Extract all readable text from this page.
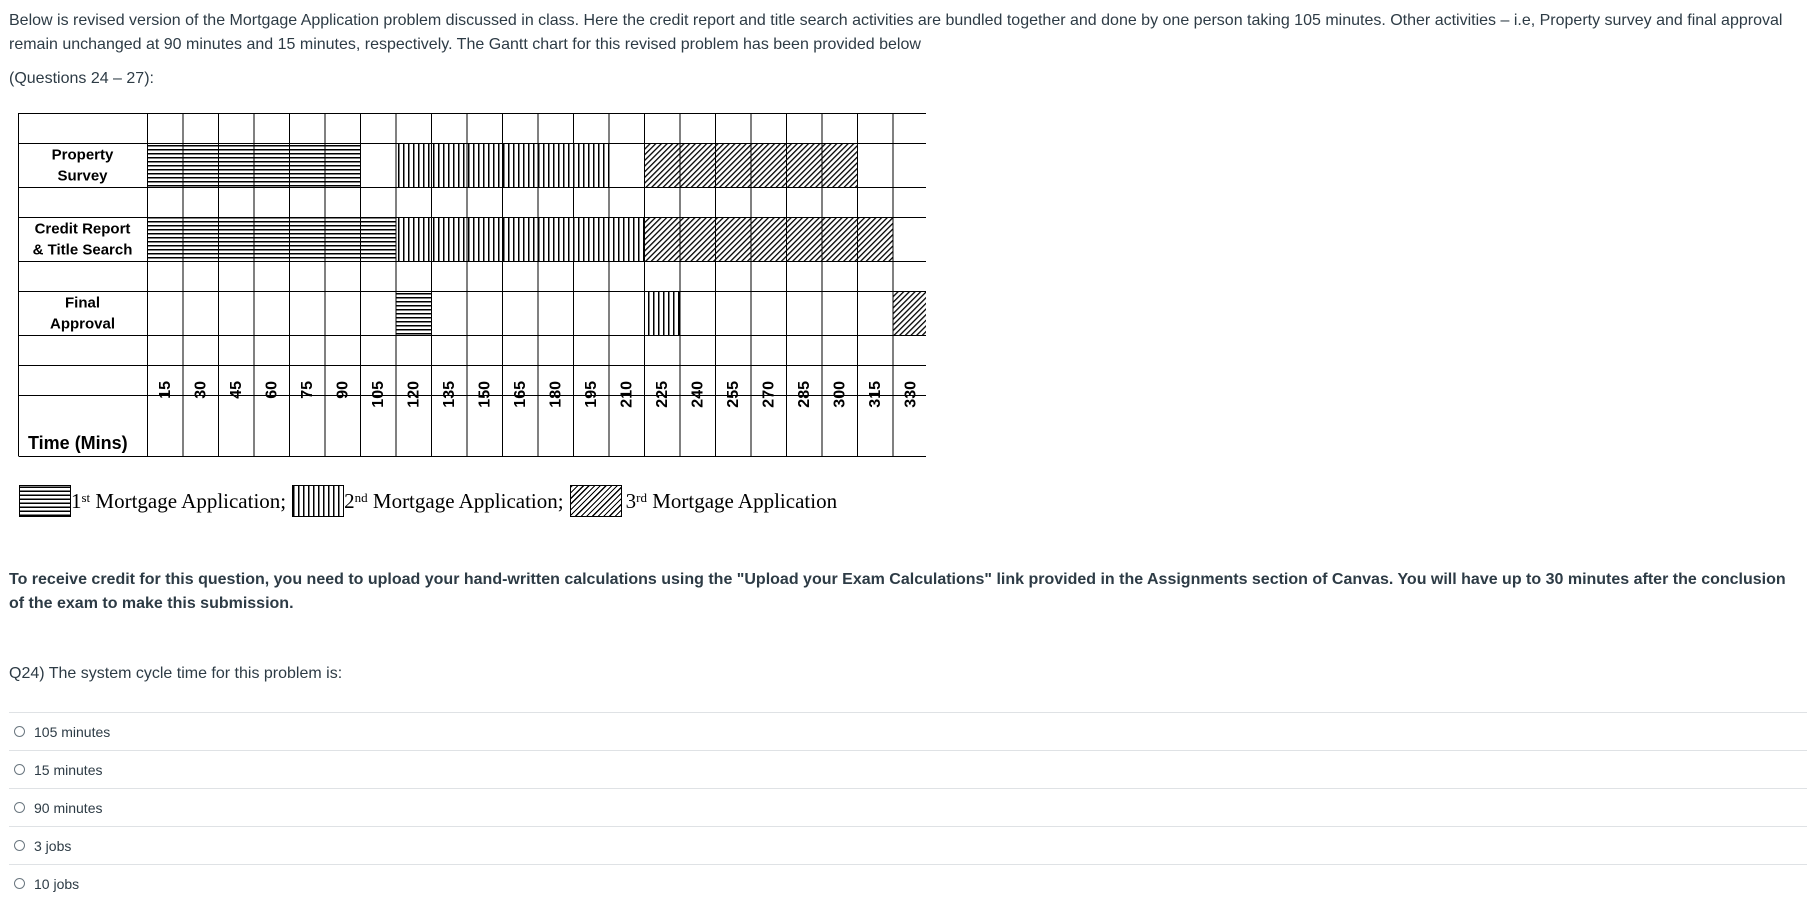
Below is revised version of the Mortgage Application problem discussed in class. Here the credit report and title search activities are bundled together and done by one person taking 105 minutes. Other activities – i.e, Property survey and final approval remain unchanged at 90 minutes and 15 minutes, respectively. The Gantt chart for this revised problem has been provided below

(Questions 24 – 27):

Property
Survey
Credit Report
& Title Search
Final
Approval
Time (Mins)
15 30 45 60 75 90 105 120 135 150 165 180 195 210 225 240 255 270 285 300 315 330
1st Mortgage Application;	2nd Mortgage Application;	3rd Mortgage Application

To receive credit for this question, you need to upload your hand-written calculations using the "Upload your Exam Calculations" link provided in the Assignments section of Canvas. You will have up to 30 minutes after the conclusion of the exam to make this submission.

Q24) The system cycle time for this problem is:

105 minutes
15 minutes
90 minutes
3 jobs
10 jobs
